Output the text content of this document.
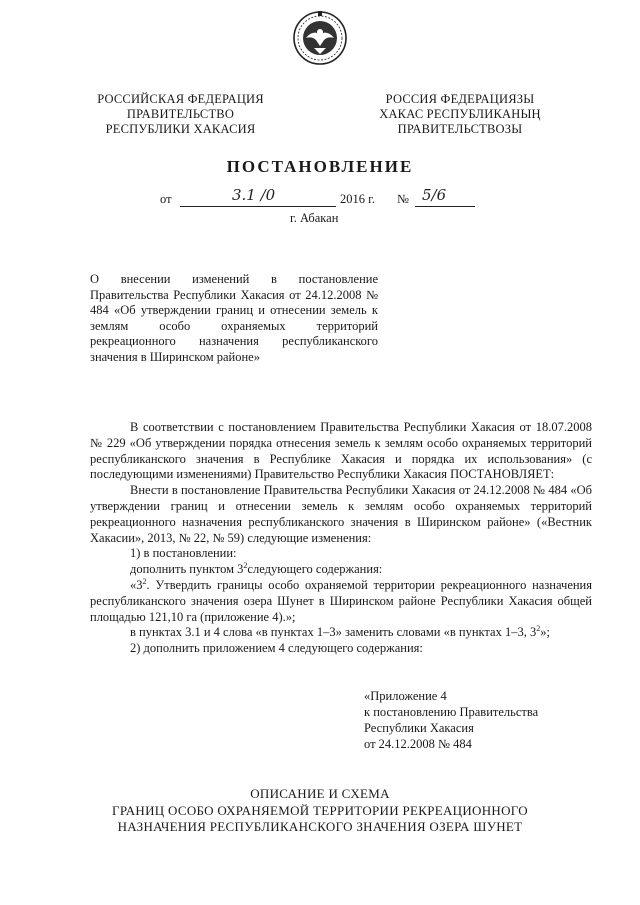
РОССИЙСКАЯ ФЕДЕРАЦИЯ
ПРАВИТЕЛЬСТВО
РЕСПУБЛИКИ ХАКАСИЯ
РОССИЯ ФЕДЕРАЦИЯЗЫ
ХАКАС РЕСПУБЛИКАНЫҢ
ПРАВИТЕЛЬСТВОЗЫ
ПОСТАНОВЛЕНИЕ
от	3.1 /0	2016 г. № 5/6
г. Абакан
О внесении изменений в постановление Правительства Республики Хакасия от 24.12.2008 № 484 «Об утверждении границ и отнесении земель к землям особо охраняемых территорий рекреационного назначения республиканского значения в Ширинском районе»

В соответствии с постановлением Правительства Республики Хакасия от 18.07.2008 № 229 «Об утверждении порядка отнесения земель к землям особо охраняемых территорий республиканского значения в Республике Хакасия и порядка их использования» (с последующими изменениями) Правительство Республики Хакасия ПОСТАНОВЛЯЕТ:

Внести в постановление Правительства Республики Хакасия от 24.12.2008 № 484 «Об утверждении границ и отнесении земель к землям особо охраняемых территорий рекреационного назначения республиканского значения в Ширинском районе» («Вестник Хакасии», 2013, № 22, № 59) следующие изменения:

1) в постановлении:

дополнить пунктом $3^2следующего$ содержания:

«$3^2$. Утвердить границы особо охраняемой территории рекреационного назначения республиканского значения озера Шунет в Ширинском районе Республики Хакасия общей площадью 121,10 га (приложение 4).»;

в пунктах 3.1 и 4 слова «в пунктах 1–3» заменить словами «в пунктах 1–3, $3^2$»;

2) дополнить приложением 4 следующего содержания:

«Приложение 4
к постановлению Правительства
Республики Хакасия
от 24.12.2008 № 484
ОПИСАНИЕ И СХЕМА
ГРАНИЦ ОСОБО ОХРАНЯЕМОЙ ТЕРРИТОРИИ РЕКРЕАЦИОННОГО
НАЗНАЧЕНИЯ РЕСПУБЛИКАНСКОГО ЗНАЧЕНИЯ ОЗЕРА ШУНЕТ
